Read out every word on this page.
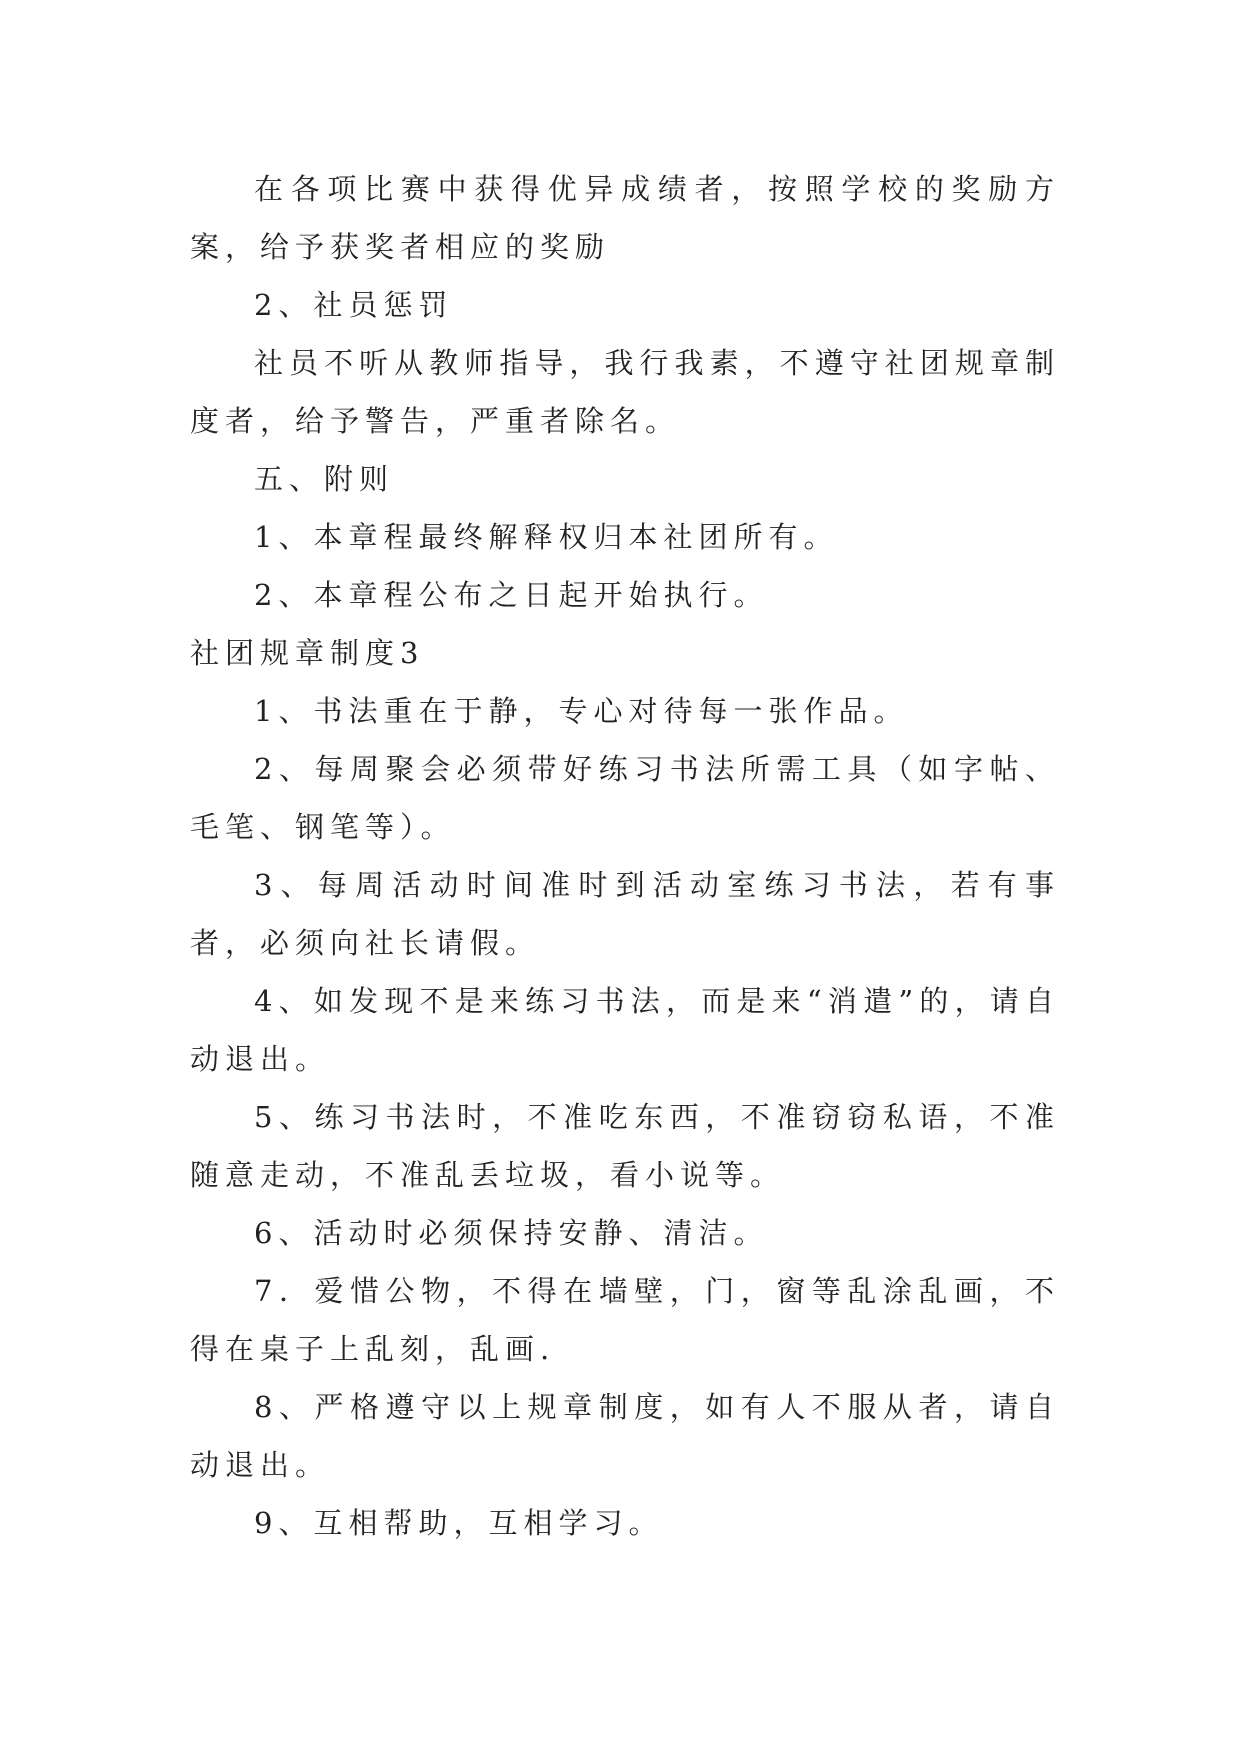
在各项比赛中获得优异成绩者，按照学校的奖励方案，给予获奖者相应的奖励

2、社员惩罚

社员不听从教师指导，我行我素，不遵守社团规章制度者，给予警告，严重者除名。

五、附则

1、本章程最终解释权归本社团所有。

2、本章程公布之日起开始执行。

社团规章制度3

1、书法重在于静，专心对待每一张作品。

2、每周聚会必须带好练习书法所需工具（如字帖、毛笔、钢笔等）。

3、每周活动时间准时到活动室练习书法，若有事者，必须向社长请假。

4、如发现不是来练习书法，而是来“消遣”的，请自动退出。

5、练习书法时，不准吃东西，不准窃窃私语，不准随意走动，不准乱丢垃圾，看小说等。

6、活动时必须保持安静、清洁。

7．爱惜公物，不得在墙壁，门，窗等乱涂乱画，不得在桌子上乱刻，乱画.

8、严格遵守以上规章制度，如有人不服从者，请自动退出。

9、互相帮助，互相学习。
